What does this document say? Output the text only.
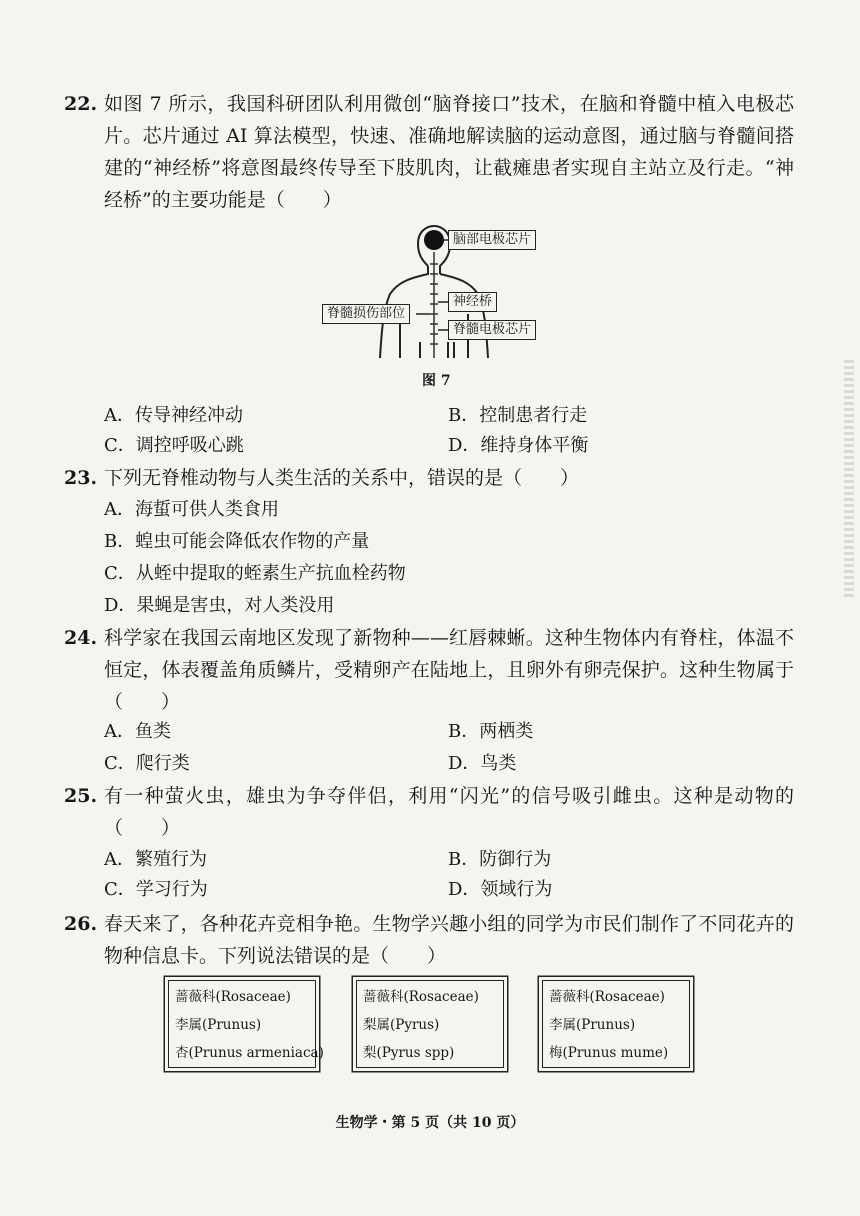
22. 如图 7 所示，我国科研团队利用微创“脑脊接口”技术，在脑和脊髓中植入电极芯片。芯片通过 AI 算法模型，快速、准确地解读脑的运动意图，通过脑与脊髓间搭建的“神经桥”将意图最终传导至下肢肌肉，让截瘫患者实现自主站立及行走。“神经桥”的主要功能是（　　）

脑部电极芯片
神经桥
脊髓损伤部位
脊髓电极芯片
图 7
A．传导神经冲动	B．控制患者行走
C．调控呼吸心跳	D．维持身体平衡
23. 下列无脊椎动物与人类生活的关系中，错误的是（　　）

A．海蜇可供人类食用
B．蝗虫可能会降低农作物的产量
C．从蛭中提取的蛭素生产抗血栓药物
D．果蝇是害虫，对人类没用
24. 科学家在我国云南地区发现了新物种——红唇棘蜥。这种生物体内有脊柱，体温不恒定，体表覆盖角质鳞片，受精卵产在陆地上，且卵外有卵壳保护。这种生物属于（　　）

A．鱼类	B．两栖类
C．爬行类	D．鸟类
25. 有一种萤火虫，雄虫为争夺伴侣，利用“闪光”的信号吸引雌虫。这种是动物的（　　）

A．繁殖行为	B．防御行为
C．学习行为	D．领域行为
26. 春天来了，各种花卉竞相争艳。生物学兴趣小组的同学为市民们制作了不同花卉的物种信息卡。下列说法错误的是（　　）

蔷薇科(Rosaceae)
李属(Prunus)
杏(Prunus armeniaca)
蔷薇科(Rosaceae)
梨属(Pyrus)
梨(Pyrus spp)
蔷薇科(Rosaceae)
李属(Prunus)
梅(Prunus mume)
生物学・第 5 页（共 10 页）
